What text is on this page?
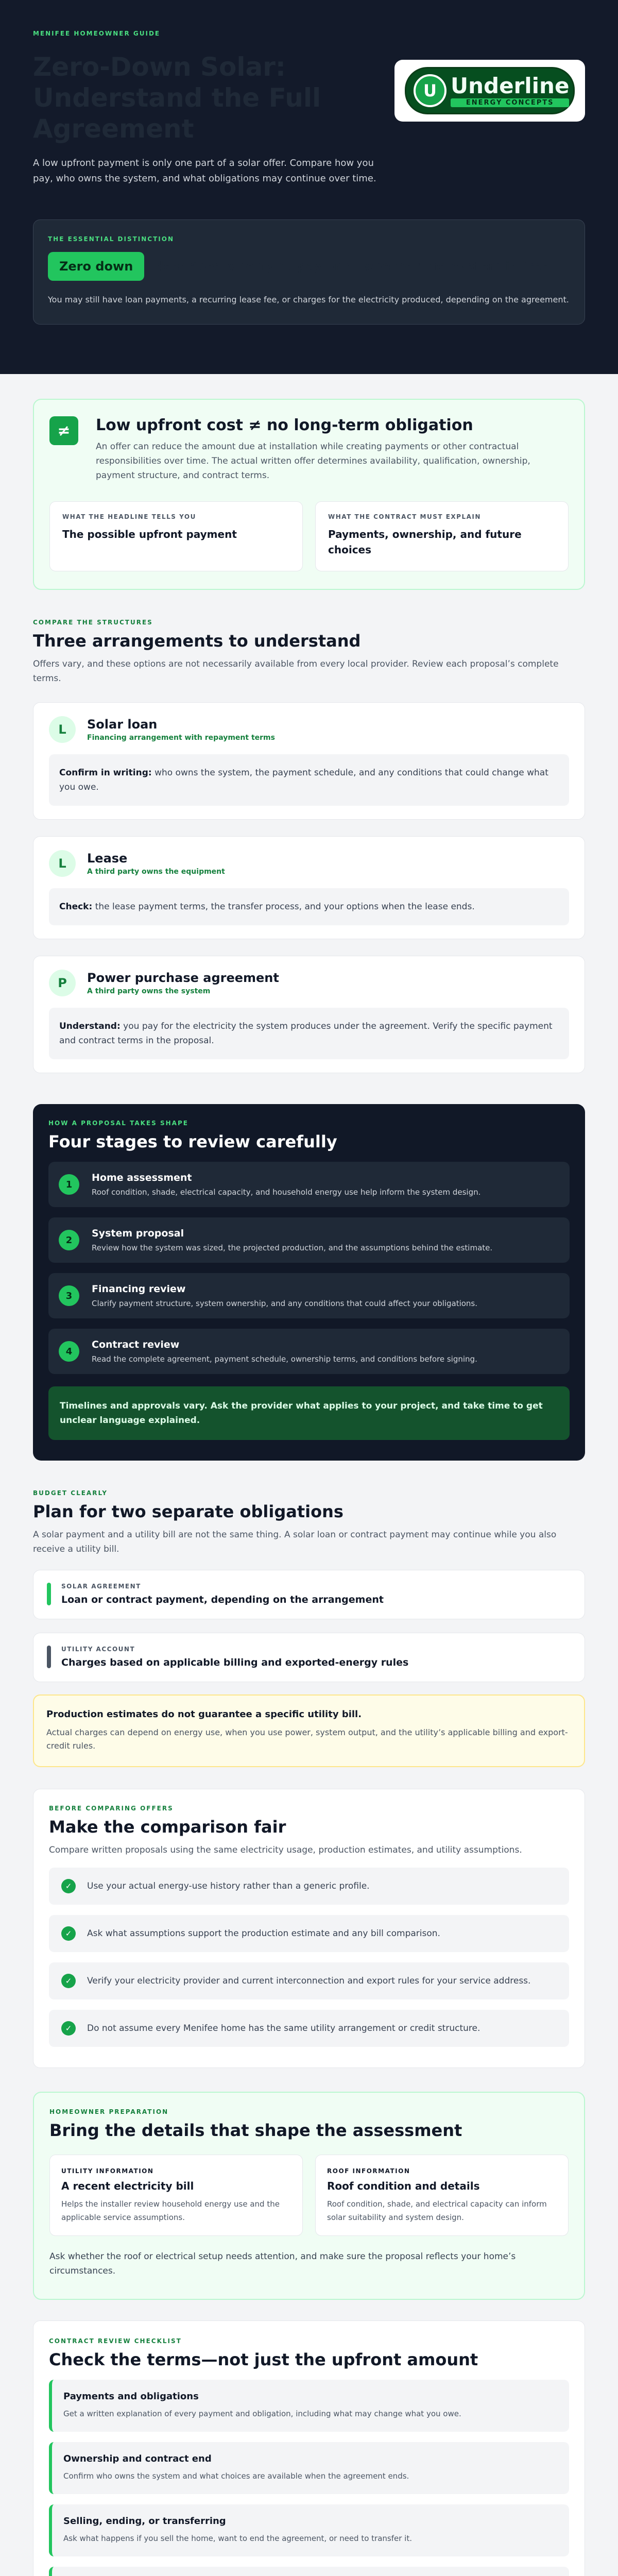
MENIFEE HOMEOWNER GUIDE
Zero-Down Solar: Understand the Full Agreement

A low upfront payment is only one part of a solar offer. Compare how you pay, who owns the system, and what obligations may continue over time.

U Underline
ENERGY CONCEPTS
THE ESSENTIAL DISTINCTION
Zero down	describes when you pay—not whether the system is free.

You may still have loan payments, a recurring lease fee, or charges for the electricity produced, depending on the agreement.

≠	Low upfront cost ≠ no long-term obligation

An offer can reduce the amount due at installation while creating payments or other contractual responsibilities over time. The actual written offer determines availability, qualification, ownership, payment structure, and contract terms.

WHAT THE HEADLINE TELLS YOU
The possible upfront payment
WHAT THE CONTRACT MUST EXPLAIN
Payments, ownership, and future choices
COMPARE THE STRUCTURES
Three arrangements to understand

Offers vary, and these options are not necessarily available from every local provider. Review each proposal’s complete terms.

L	Solar loan
Financing arrangement with repayment terms

Confirm in writing: who owns the system, the payment schedule, and any conditions that could change what you owe.

L	Lease
A third party owns the equipment

Check: the lease payment terms, the transfer process, and your options when the lease ends.

P	Power purchase agreement
A third party owns the system

Understand: you pay for the electricity the system produces under the agreement. Verify the specific payment and contract terms in the proposal.

HOW A PROPOSAL TAKES SHAPE
Four stages to review carefully
1
Home assessment
Roof condition, shade, electrical capacity, and household energy use help inform the system design.
2
System proposal
Review how the system was sized, the projected production, and the assumptions behind the estimate.
3
Financing review
Clarify payment structure, system ownership, and any conditions that could affect your obligations.
4
Contract review
Read the complete agreement, payment schedule, ownership terms, and conditions before signing.

Timelines and approvals vary. Ask the provider what applies to your project, and take time to get unclear language explained.

BUDGET CLEARLY
Plan for two separate obligations

A solar payment and a utility bill are not the same thing. A solar loan or contract payment may continue while you also receive a utility bill.

SOLAR AGREEMENT
Loan or contract payment, depending on the arrangement
UTILITY ACCOUNT
Charges based on applicable billing and exported-energy rules
Production estimates do not guarantee a specific utility bill.

Actual charges can depend on energy use, when you use power, system output, and the utility’s applicable billing and export-credit rules.

BEFORE COMPARING OFFERS
Make the comparison fair

Compare written proposals using the same electricity usage, production estimates, and utility assumptions.

✓	Use your actual energy-use history rather than a generic profile.
✓	Ask what assumptions support the production estimate and any bill comparison.
✓	Verify your electricity provider and current interconnection and export rules for your service address.
✓	Do not assume every Menifee home has the same utility arrangement or credit structure.
HOMEOWNER PREPARATION
Bring the details that shape the assessment
UTILITY INFORMATION
A recent electricity bill

Helps the installer review household energy use and the applicable service assumptions.

ROOF INFORMATION
Roof condition and details

Roof condition, shade, and electrical capacity can inform solar suitability and system design.

Ask whether the roof or electrical setup needs attention, and make sure the proposal reflects your home’s circumstances.

CONTRACT REVIEW CHECKLIST
Check the terms—not just the upfront amount
Payments and obligations

Get a written explanation of every payment and obligation, including what may change what you owe.

Ownership and contract end

Confirm who owns the system and what choices are available when the agreement ends.

Selling, ending, or transferring

Ask what happens if you sell the home, want to end the agreement, or need to transfer it.
